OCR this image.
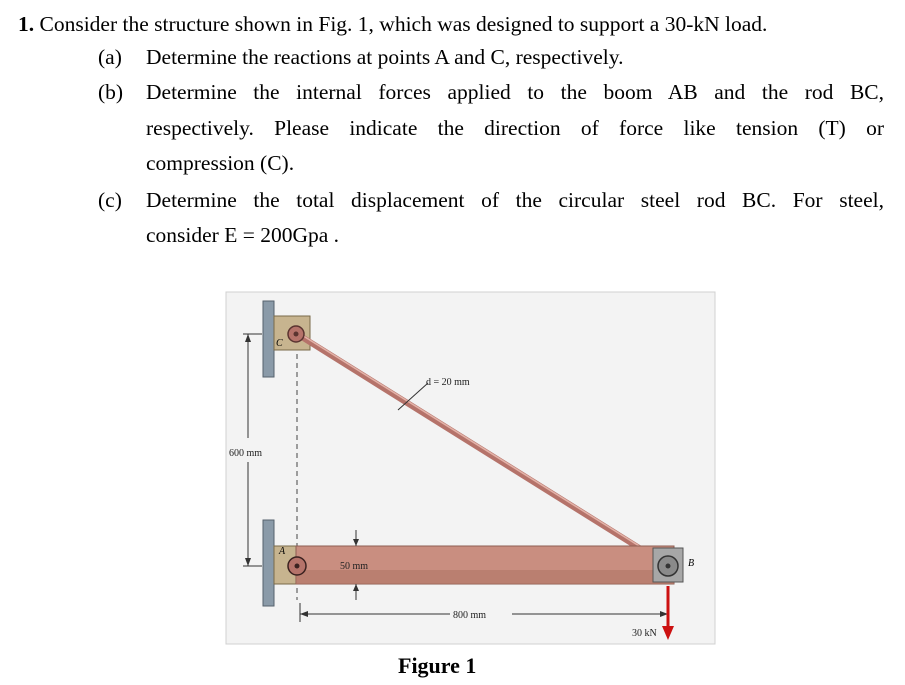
1. Consider the structure shown in Fig. 1, which was designed to support a 30-kN load.
(a) Determine the reactions at points A and C, respectively.
(b) Determine the internal forces applied to the boom AB and the rod BC,
respectively. Please indicate the direction of force like tension (T) or
compression (C).
(c) Determine the total displacement of the circular steel rod BC. For steel,
consider E = 200Gpa .
600 mm
C
d = 20 mm
A
B
50 mm
800 mm
30 kN
Figure 1
